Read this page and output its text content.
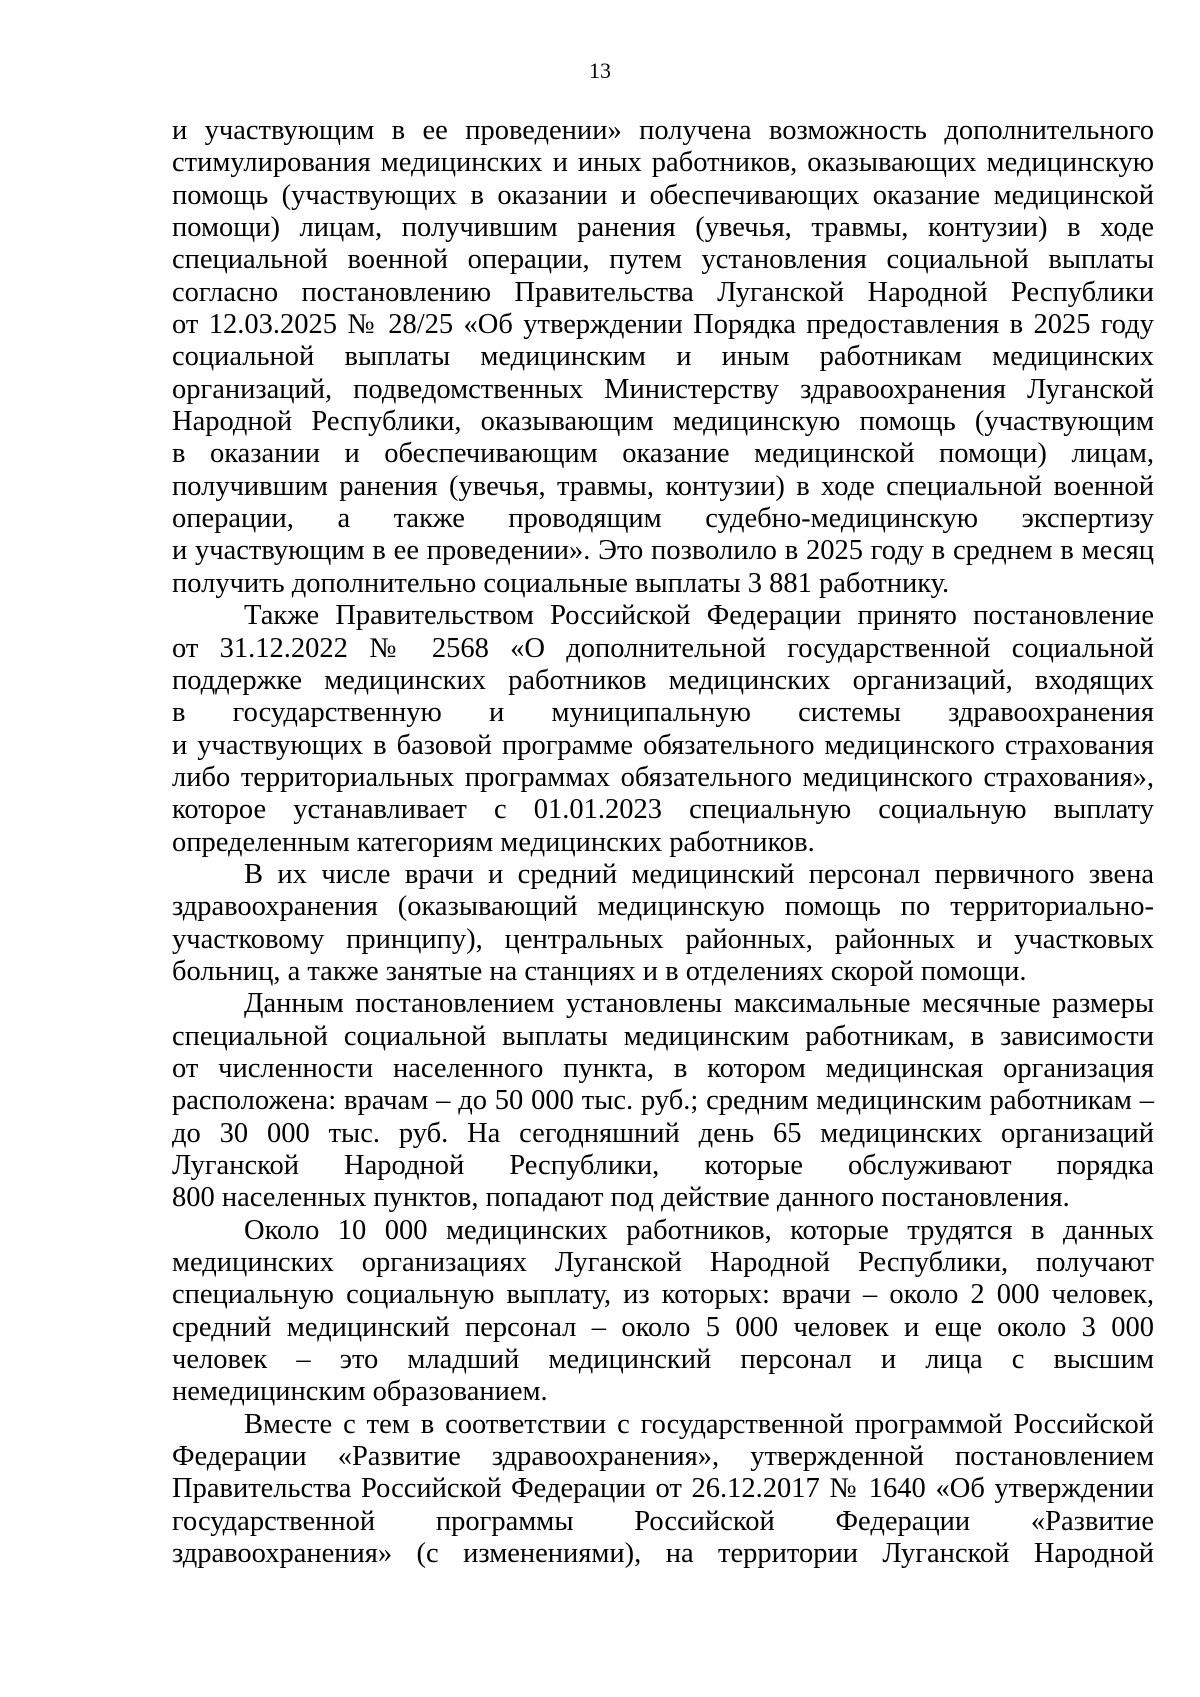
13
и участвующим в ее проведении» получена возможность дополнительного
стимулирования медицинских и иных работников, оказывающих медицинскую
помощь (участвующих в оказании и обеспечивающих оказание медицинской
помощи) лицам, получившим ранения (увечья, травмы, контузии) в ходе
специальной военной операции, путем установления социальной выплаты
согласно постановлению Правительства Луганской Народной Республики
от 12.03.2025 № 28/25 «Об утверждении Порядка предоставления в 2025 году
социальной выплаты медицинским и иным работникам медицинских
организаций, подведомственных Министерству здравоохранения Луганской
Народной Республики, оказывающим медицинскую помощь (участвующим
в оказании и обеспечивающим оказание медицинской помощи) лицам,
получившим ранения (увечья, травмы, контузии) в ходе специальной военной
операции, а также проводящим судебно-медицинскую экспертизу
и участвующим в ее проведении». Это позволило в 2025 году в среднем в месяц
получить дополнительно социальные выплаты 3 881 работнику.
Также Правительством Российской Федерации принято постановление
от 31.12.2022 № 2568 «О дополнительной государственной социальной
поддержке медицинских работников медицинских организаций, входящих
в государственную и муниципальную системы здравоохранения
и участвующих в базовой программе обязательного медицинского страхования
либо территориальных программах обязательного медицинского страхования»,
которое устанавливает с 01.01.2023 специальную социальную выплату
определенным категориям медицинских работников.
В их числе врачи и средний медицинский персонал первичного звена
здравоохранения (оказывающий медицинскую помощь по территориально-
участковому принципу), центральных районных, районных и участковых
больниц, а также занятые на станциях и в отделениях скорой помощи.
Данным постановлением установлены максимальные месячные размеры
специальной социальной выплаты медицинским работникам, в зависимости
от численности населенного пункта, в котором медицинская организация
расположена: врачам – до 50 000 тыс. руб.; средним медицинским работникам –
до 30 000 тыс. руб. На сегодняшний день 65 медицинских организаций
Луганской Народной Республики, которые обслуживают порядка
800 населенных пунктов, попадают под действие данного постановления.
Около 10 000 медицинских работников, которые трудятся в данных
медицинских организациях Луганской Народной Республики, получают
специальную социальную выплату, из которых: врачи – около 2 000 человек,
средний медицинский персонал – около 5 000 человек и еще около 3 000
человек – это младший медицинский персонал и лица с высшим
немедицинским образованием.
Вместе с тем в соответствии с государственной программой Российской
Федерации «Развитие здравоохранения», утвержденной постановлением
Правительства Российской Федерации от 26.12.2017 № 1640 «Об утверждении
государственной программы Российской Федерации «Развитие
здравоохранения» (с изменениями), на территории Луганской Народной
